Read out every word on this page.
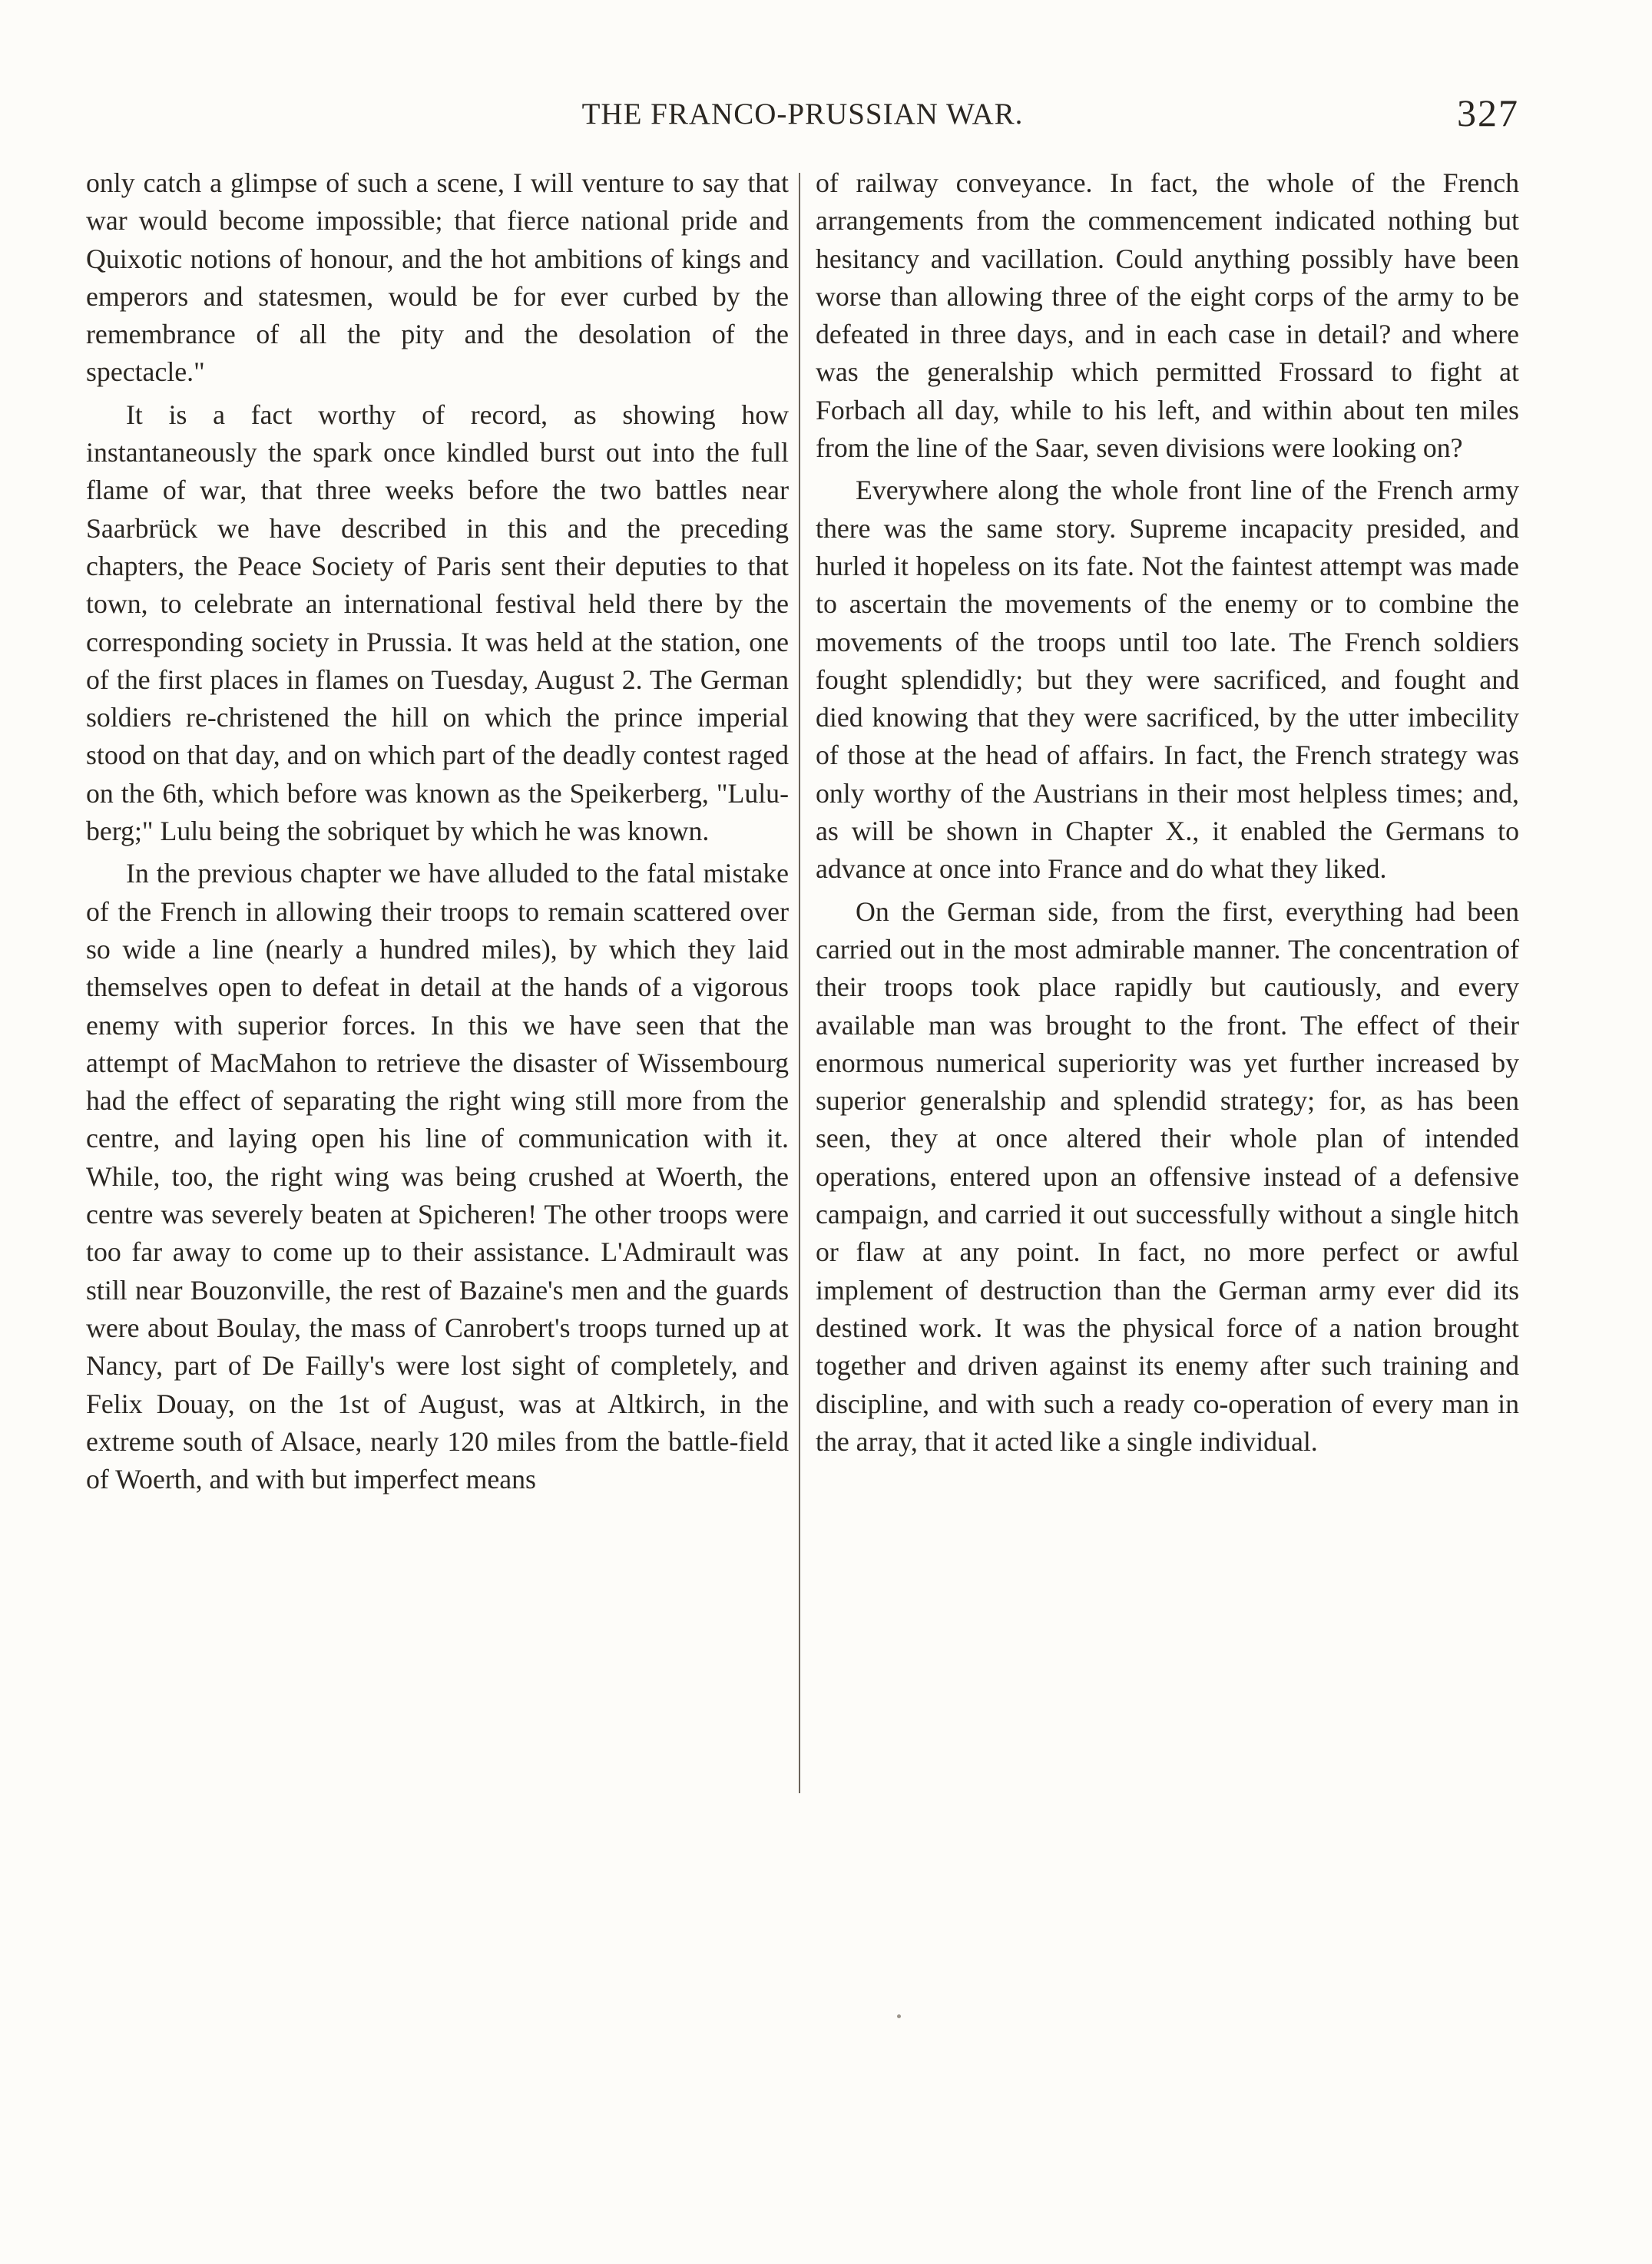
THE FRANCO-PRUSSIAN WAR.	327

only catch a glimpse of such a scene, I will venture to say that war would become impossible; that fierce national pride and Quixotic notions of honour, and the hot ambitions of kings and emperors and statesmen, would be for ever curbed by the remembrance of all the pity and the desolation of the spectacle."

It is a fact worthy of record, as showing how instantaneously the spark once kindled burst out into the full flame of war, that three weeks before the two battles near Saarbrück we have described in this and the preceding chapters, the Peace Society of Paris sent their deputies to that town, to celebrate an international festival held there by the corresponding society in Prussia. It was held at the station, one of the first places in flames on Tuesday, August 2. The German soldiers re-christened the hill on which the prince imperial stood on that day, and on which part of the deadly contest raged on the 6th, which before was known as the Speikerberg, "Lulu-berg;" Lulu being the sobriquet by which he was known.

In the previous chapter we have alluded to the fatal mistake of the French in allowing their troops to remain scattered over so wide a line (nearly a hundred miles), by which they laid themselves open to defeat in detail at the hands of a vigorous enemy with superior forces. In this we have seen that the attempt of MacMahon to retrieve the disaster of Wissembourg had the effect of separating the right wing still more from the centre, and laying open his line of communication with it. While, too, the right wing was being crushed at Woerth, the centre was severely beaten at Spicheren! The other troops were too far away to come up to their assistance. L'Admirault was still near Bouzonville, the rest of Bazaine's men and the guards were about Boulay, the mass of Canrobert's troops turned up at Nancy, part of De Failly's were lost sight of completely, and Felix Douay, on the 1st of August, was at Altkirch, in the extreme south of Alsace, nearly 120 miles from the battle-field of Woerth, and with but imperfect means

of railway conveyance. In fact, the whole of the French arrangements from the commencement indicated nothing but hesitancy and vacillation. Could anything possibly have been worse than allowing three of the eight corps of the army to be defeated in three days, and in each case in detail? and where was the generalship which permitted Frossard to fight at Forbach all day, while to his left, and within about ten miles from the line of the Saar, seven divisions were looking on?

Everywhere along the whole front line of the French army there was the same story. Supreme incapacity presided, and hurled it hopeless on its fate. Not the faintest attempt was made to ascertain the movements of the enemy or to combine the movements of the troops until too late. The French soldiers fought splendidly; but they were sacrificed, and fought and died knowing that they were sacrificed, by the utter imbecility of those at the head of affairs. In fact, the French strategy was only worthy of the Austrians in their most helpless times; and, as will be shown in Chapter X., it enabled the Germans to advance at once into France and do what they liked.

On the German side, from the first, everything had been carried out in the most admirable manner. The concentration of their troops took place rapidly but cautiously, and every available man was brought to the front. The effect of their enormous numerical superiority was yet further increased by superior generalship and splendid strategy; for, as has been seen, they at once altered their whole plan of intended operations, entered upon an offensive instead of a defensive campaign, and carried it out successfully without a single hitch or flaw at any point. In fact, no more perfect or awful implement of destruction than the German army ever did its destined work. It was the physical force of a nation brought together and driven against its enemy after such training and discipline, and with such a ready co-operation of every man in the array, that it acted like a single individual.
